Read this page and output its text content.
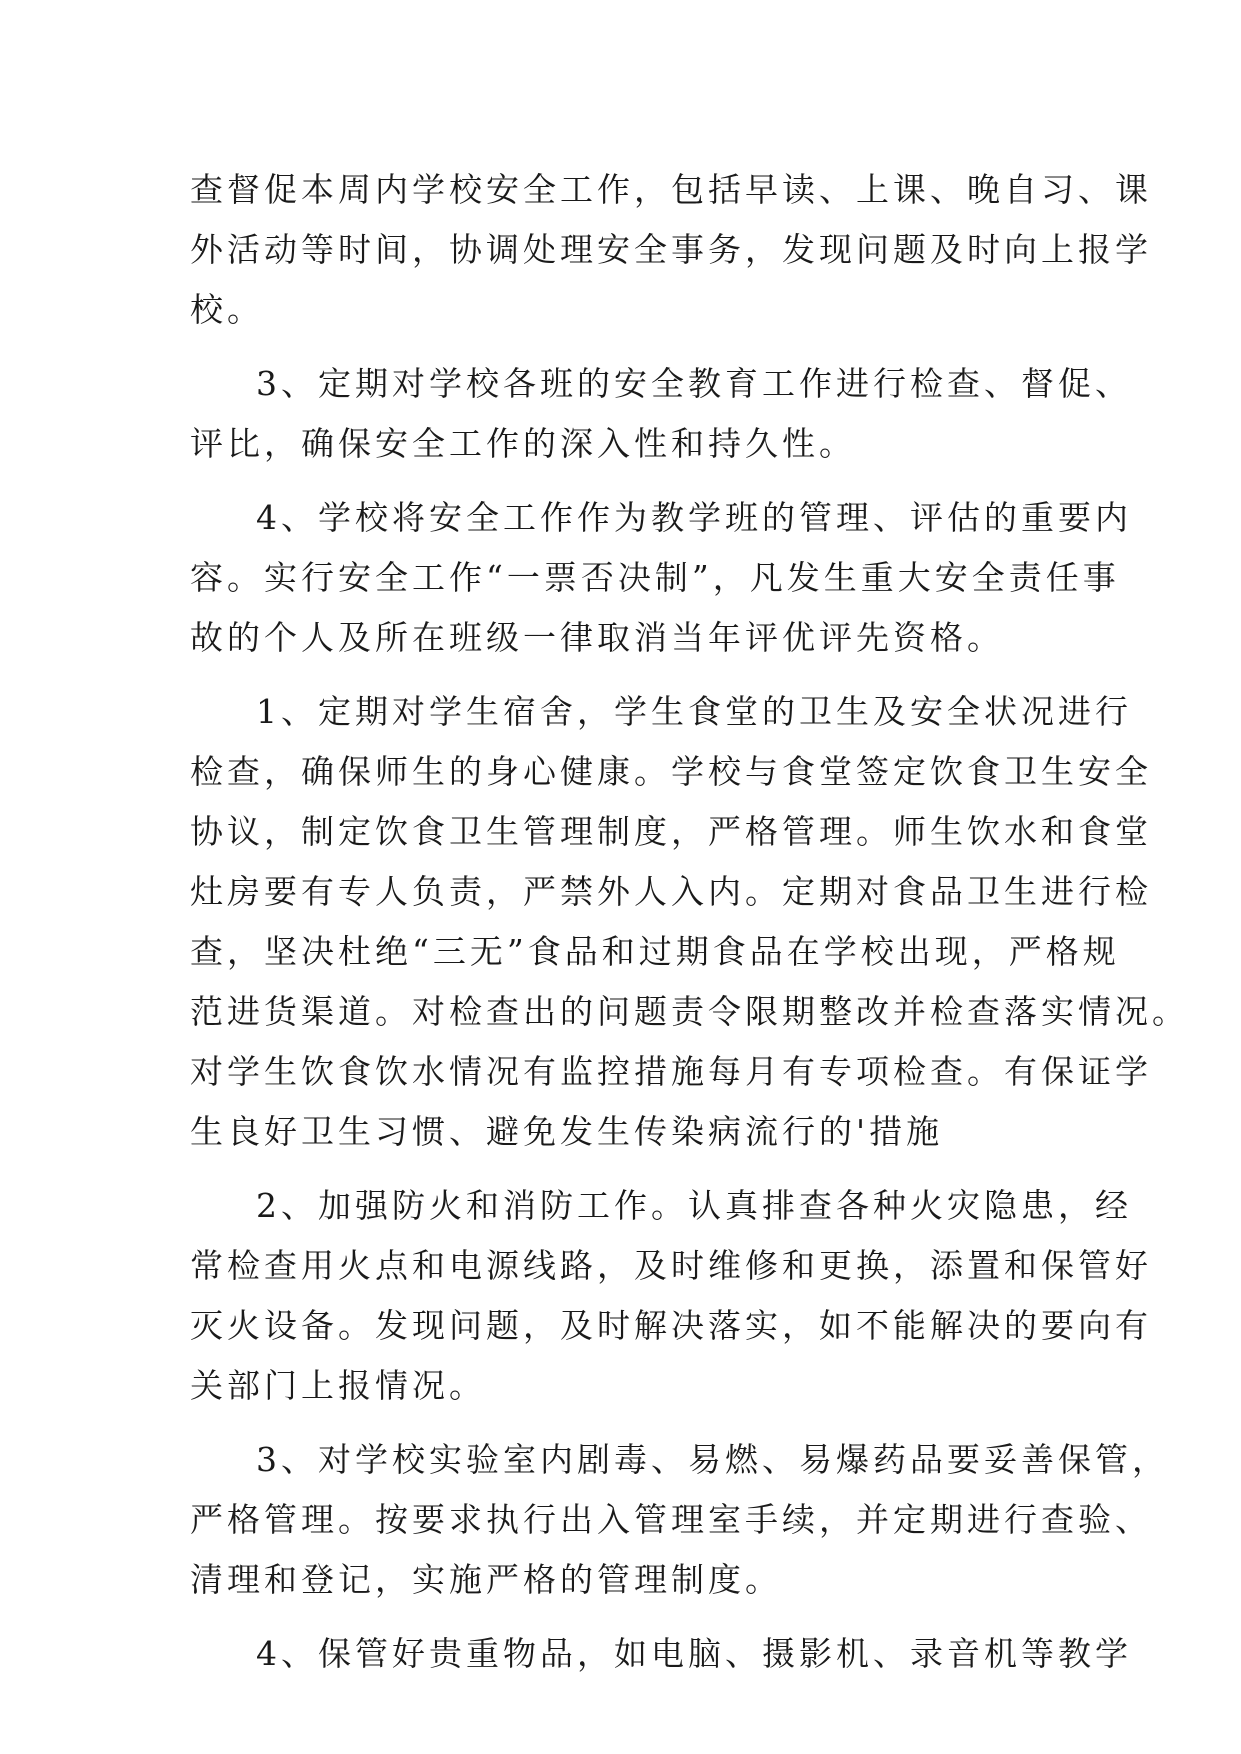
查督促本周内学校安全工作，包括早读、上课、晚自习、课
外活动等时间，协调处理安全事务，发现问题及时向上报学
校。
3、定期对学校各班的安全教育工作进行检查、督促、
评比，确保安全工作的深入性和持久性。
4、学校将安全工作作为教学班的管理、评估的重要内
容。实行安全工作“一票否决制”，凡发生重大安全责任事
故的个人及所在班级一律取消当年评优评先资格。
1、定期对学生宿舍，学生食堂的卫生及安全状况进行
检查，确保师生的身心健康。学校与食堂签定饮食卫生安全
协议，制定饮食卫生管理制度，严格管理。师生饮水和食堂
灶房要有专人负责，严禁外人入内。定期对食品卫生进行检
查，坚决杜绝“三无”食品和过期食品在学校出现，严格规
范进货渠道。对检查出的问题责令限期整改并检查落实情况。
对学生饮食饮水情况有监控措施每月有专项检查。有保证学
生良好卫生习惯、避免发生传染病流行的'措施
2、加强防火和消防工作。认真排查各种火灾隐患，经
常检查用火点和电源线路，及时维修和更换，添置和保管好
灭火设备。发现问题，及时解决落实，如不能解决的要向有
关部门上报情况。
3、对学校实验室内剧毒、易燃、易爆药品要妥善保管，
严格管理。按要求执行出入管理室手续，并定期进行查验、
清理和登记，实施严格的管理制度。
4、保管好贵重物品，如电脑、摄影机、录音机等教学
